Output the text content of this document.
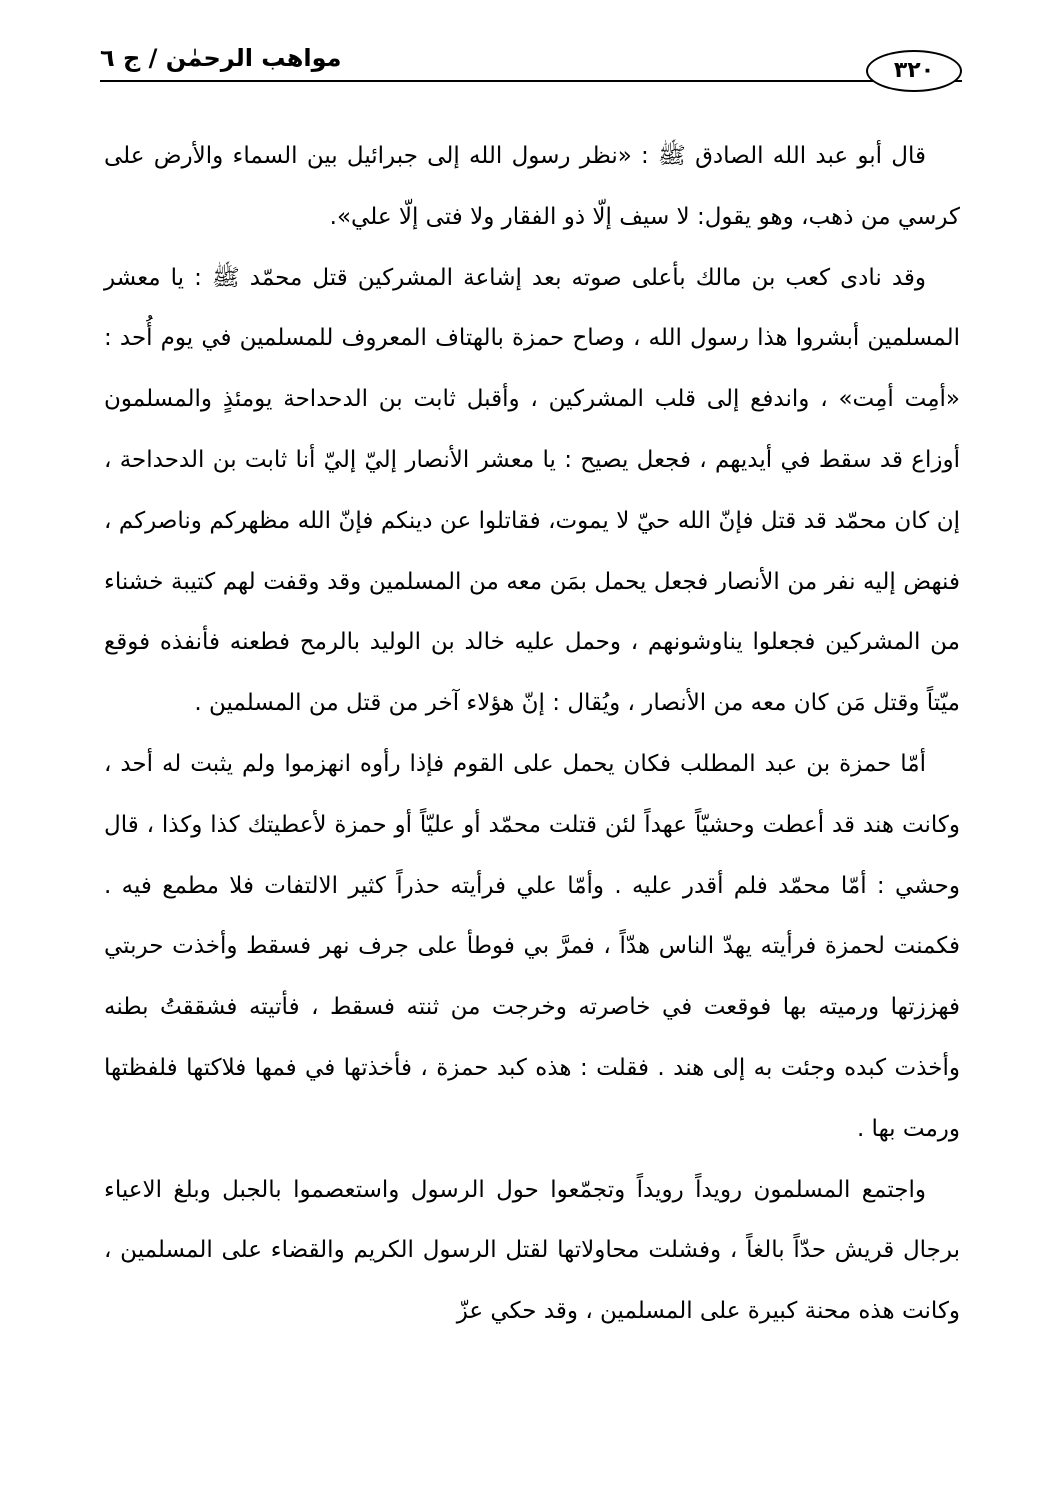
مواهب الرحمٰن / ج ٦	٣٢٠

قال أبو عبد الله الصادق ﷺ : «نظر رسول الله إلى جبرائيل بين السماء والأرض على كرسي من ذهب، وهو يقول: لا سيف إلّا ذو الفقار ولا فتى إلّا علي».

وقد نادى كعب بن مالك بأعلى صوته بعد إشاعة المشركين قتل محمّد ﷺ : يا معشر المسلمين أبشروا هذا رسول الله ، وصاح حمزة بالهتاف المعروف للمسلمين في يوم أُحد : «أمِت أمِت» ، واندفع إلى قلب المشركين ، وأقبل ثابت بن الدحداحة يومئذٍ والمسلمون أوزاع قد سقط في أيديهم ، فجعل يصيح : يا معشر الأنصار إليّ إليّ أنا ثابت بن الدحداحة ، إن كان محمّد قد قتل فإنّ الله حيّ لا يموت، فقاتلوا عن دينكم فإنّ الله مظهركم وناصركم ، فنهض إليه نفر من الأنصار فجعل يحمل بمَن معه من المسلمين وقد وقفت لهم كتيبة خشناء من المشركين فجعلوا يناوشونهم ، وحمل عليه خالد بن الوليد بالرمح فطعنه فأنفذه فوقع ميّتاً وقتل مَن كان معه من الأنصار ، ويُقال : إنّ هؤلاء آخر من قتل من المسلمين .

أمّا حمزة بن عبد المطلب فكان يحمل على القوم فإذا رأوه انهزموا ولم يثبت له أحد ، وكانت هند قد أعطت وحشيّاً عهداً لئن قتلت محمّد أو عليّاً أو حمزة لأعطيتك كذا وكذا ، قال وحشي : أمّا محمّد فلم أقدر عليه . وأمّا علي فرأيته حذراً كثير الالتفات فلا مطمع فيه . فكمنت لحمزة فرأيته يهدّ الناس هدّاً ، فمرَّ بي فوطأ على جرف نهر فسقط وأخذت حربتي فهززتها ورميته بها فوقعت في خاصرته وخرجت من ثنته فسقط ، فأتيته فشققتُ بطنه وأخذت كبده وجئت به إلى هند . فقلت : هذه كبد حمزة ، فأخذتها في فمها فلاكتها فلفظتها ورمت بها .

واجتمع المسلمون رويداً رويداً وتجمّعوا حول الرسول واستعصموا بالجبل وبلغ الاعياء برجال قريش حدّاً بالغاً ، وفشلت محاولاتها لقتل الرسول الكريم والقضاء على المسلمين ، وكانت هذه محنة كبيرة على المسلمين ، وقد حكي عزّ
